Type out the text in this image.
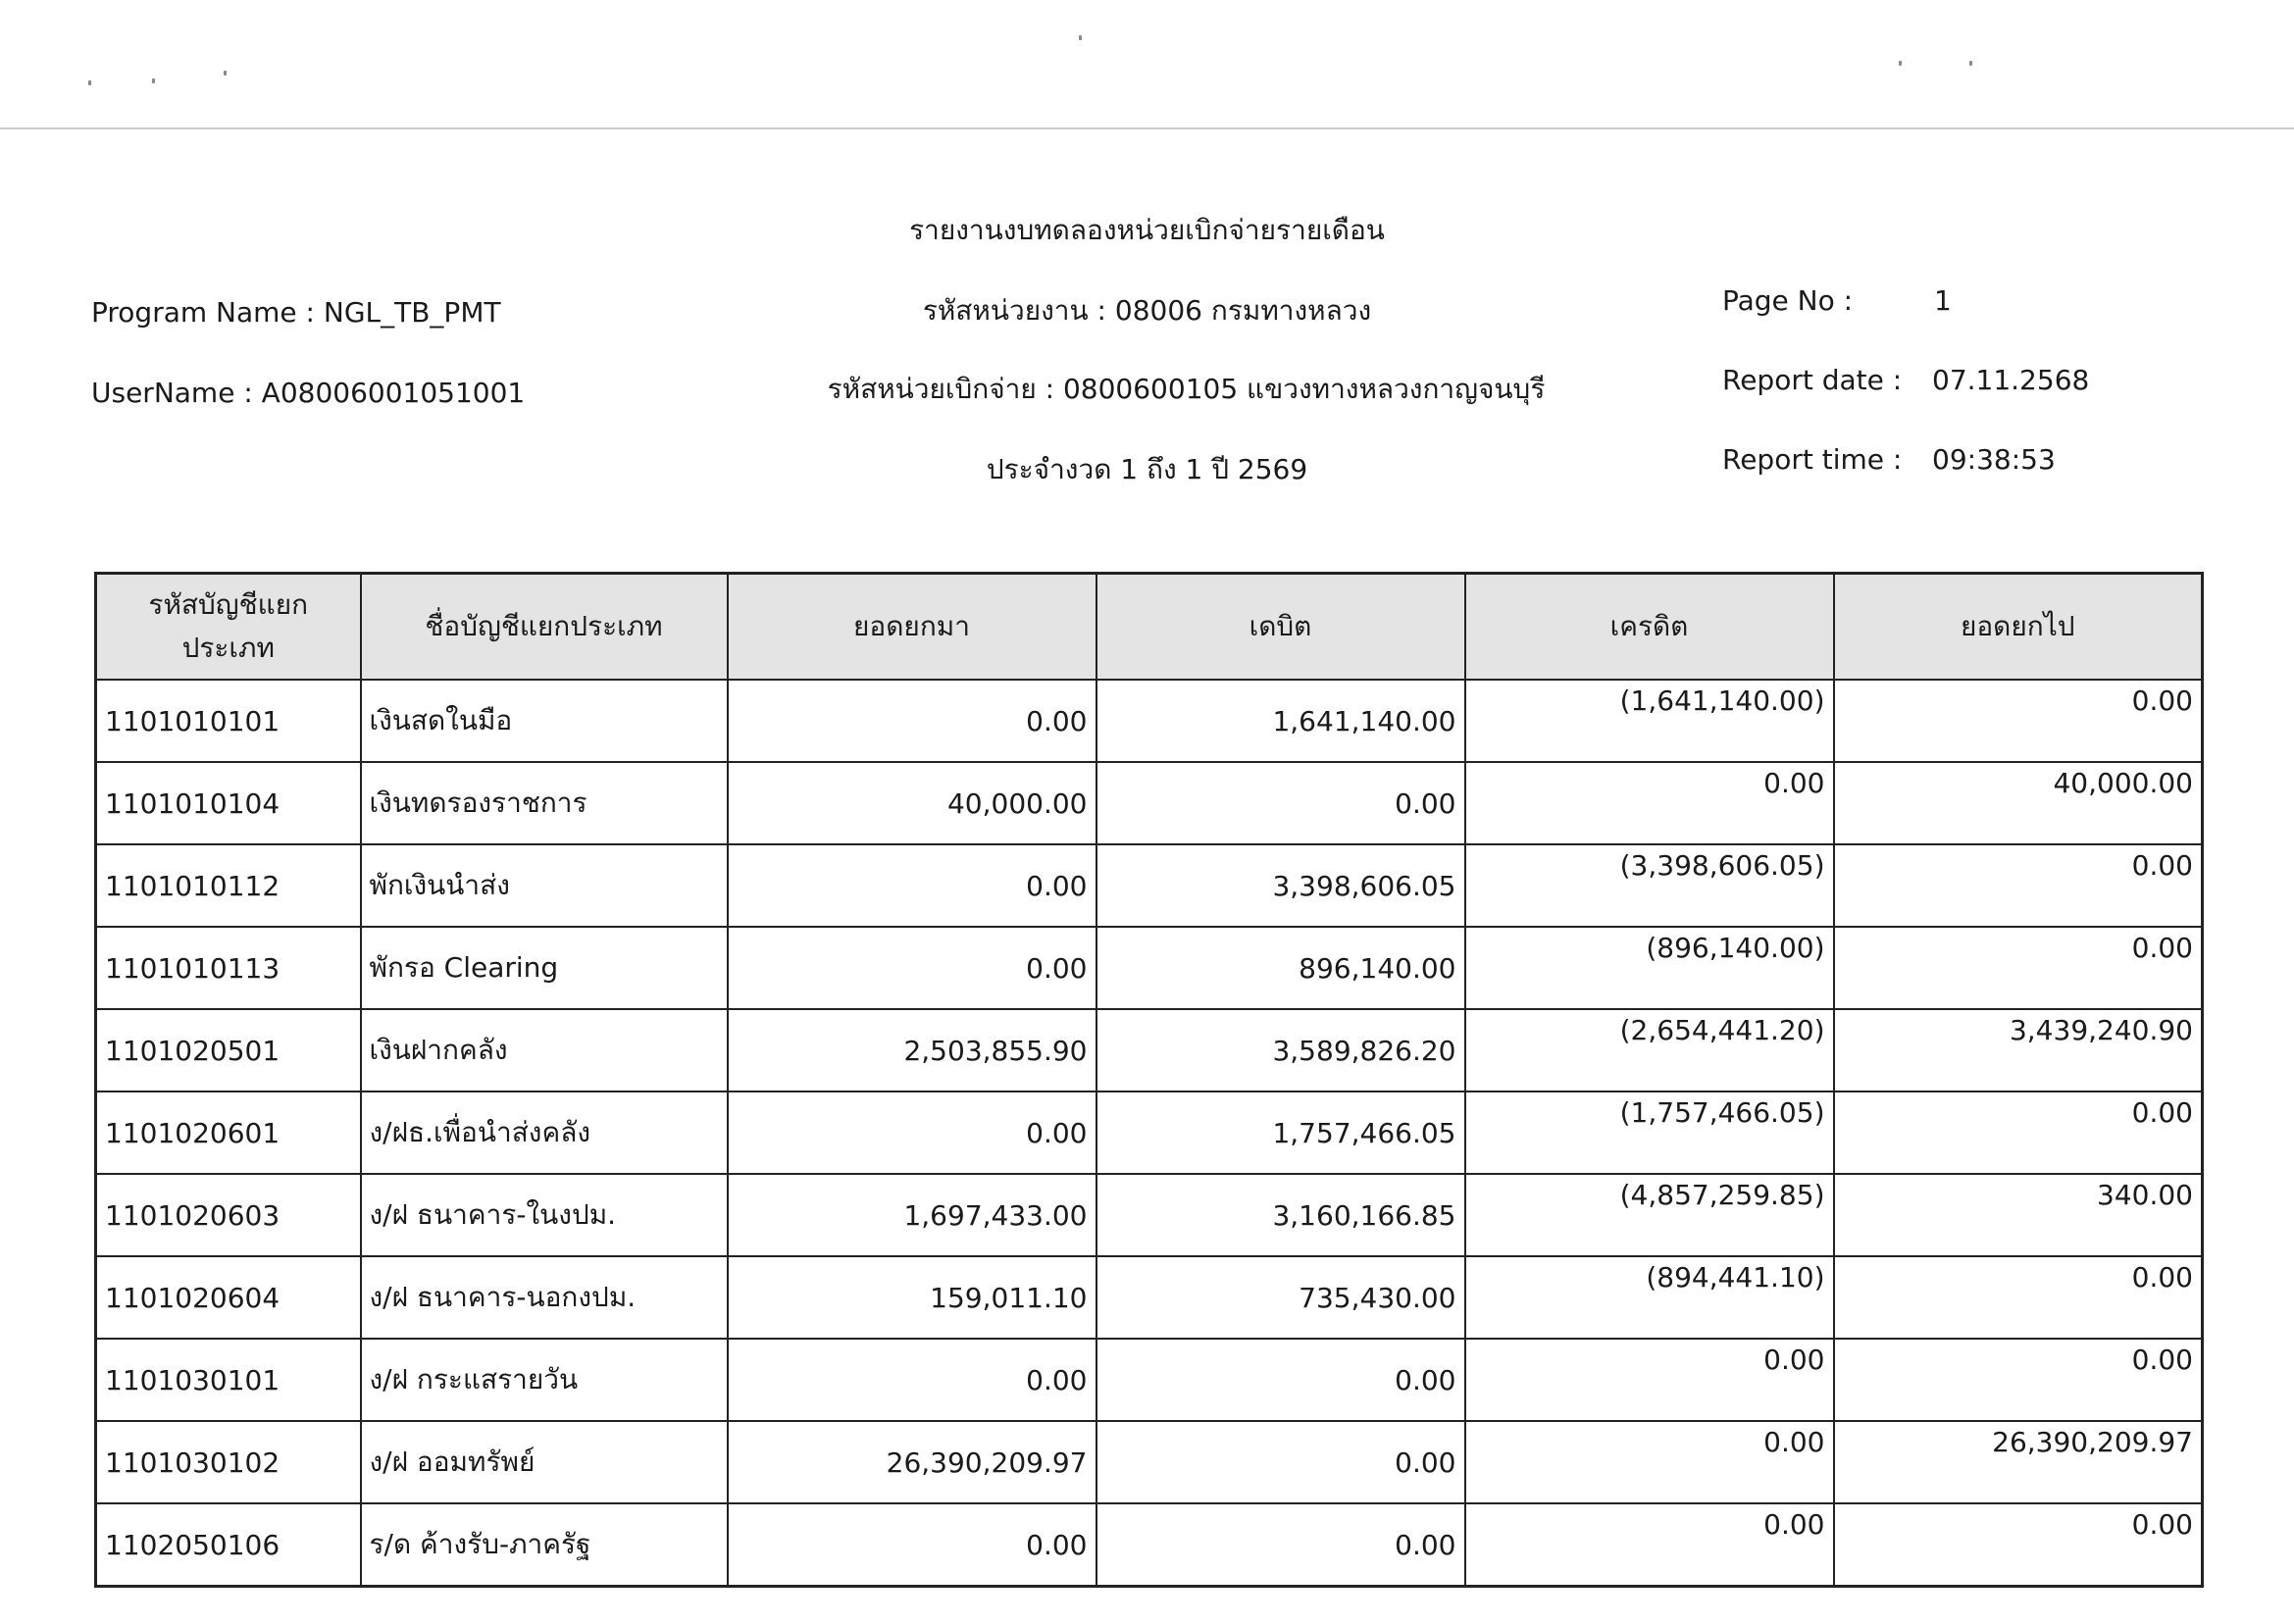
รายงานงบทดลองหน่วยเบิกจ่ายรายเดือน
รหัสหน่วยงาน : 08006 กรมทางหลวง
รหัสหน่วยเบิกจ่าย : 0800600105 แขวงทางหลวงกาญจนบุรี
ประจำงวด 1 ถึง 1 ปี 2569
Program Name : NGL_TB_PMT
UserName : A08006001051001
Page No :	1
Report date : 07.11.2568
Report time : 09:38:53
รหัสบัญชีแยกประเภท	ชื่อบัญชีแยกประเภท	ยอดยกมา	เดบิต	เครดิต	ยอดยกไป
1101010101	เงินสดในมือ	0.00	1,641,140.00	(1,641,140.00)	0.00
1101010104	เงินทดรองราชการ	40,000.00	0.00	0.00	40,000.00
1101010112	พักเงินนำส่ง	0.00	3,398,606.05	(3,398,606.05)	0.00
1101010113	พักรอ Clearing	0.00	896,140.00	(896,140.00)	0.00
1101020501	เงินฝากคลัง	2,503,855.90	3,589,826.20	(2,654,441.20)	3,439,240.90
1101020601	ง/ฝธ.เพื่อนำส่งคลัง	0.00	1,757,466.05	(1,757,466.05)	0.00
1101020603	ง/ฝ ธนาคาร-ในงปม.	1,697,433.00	3,160,166.85	(4,857,259.85)	340.00
1101020604	ง/ฝ ธนาคาร-นอกงปม.	159,011.10	735,430.00	(894,441.10)	0.00
1101030101	ง/ฝ กระแสรายวัน	0.00	0.00	0.00	0.00
1101030102	ง/ฝ ออมทรัพย์	26,390,209.97	0.00	0.00	26,390,209.97
1102050106	ร/ด ค้างรับ-ภาครัฐ	0.00	0.00	0.00	0.00
